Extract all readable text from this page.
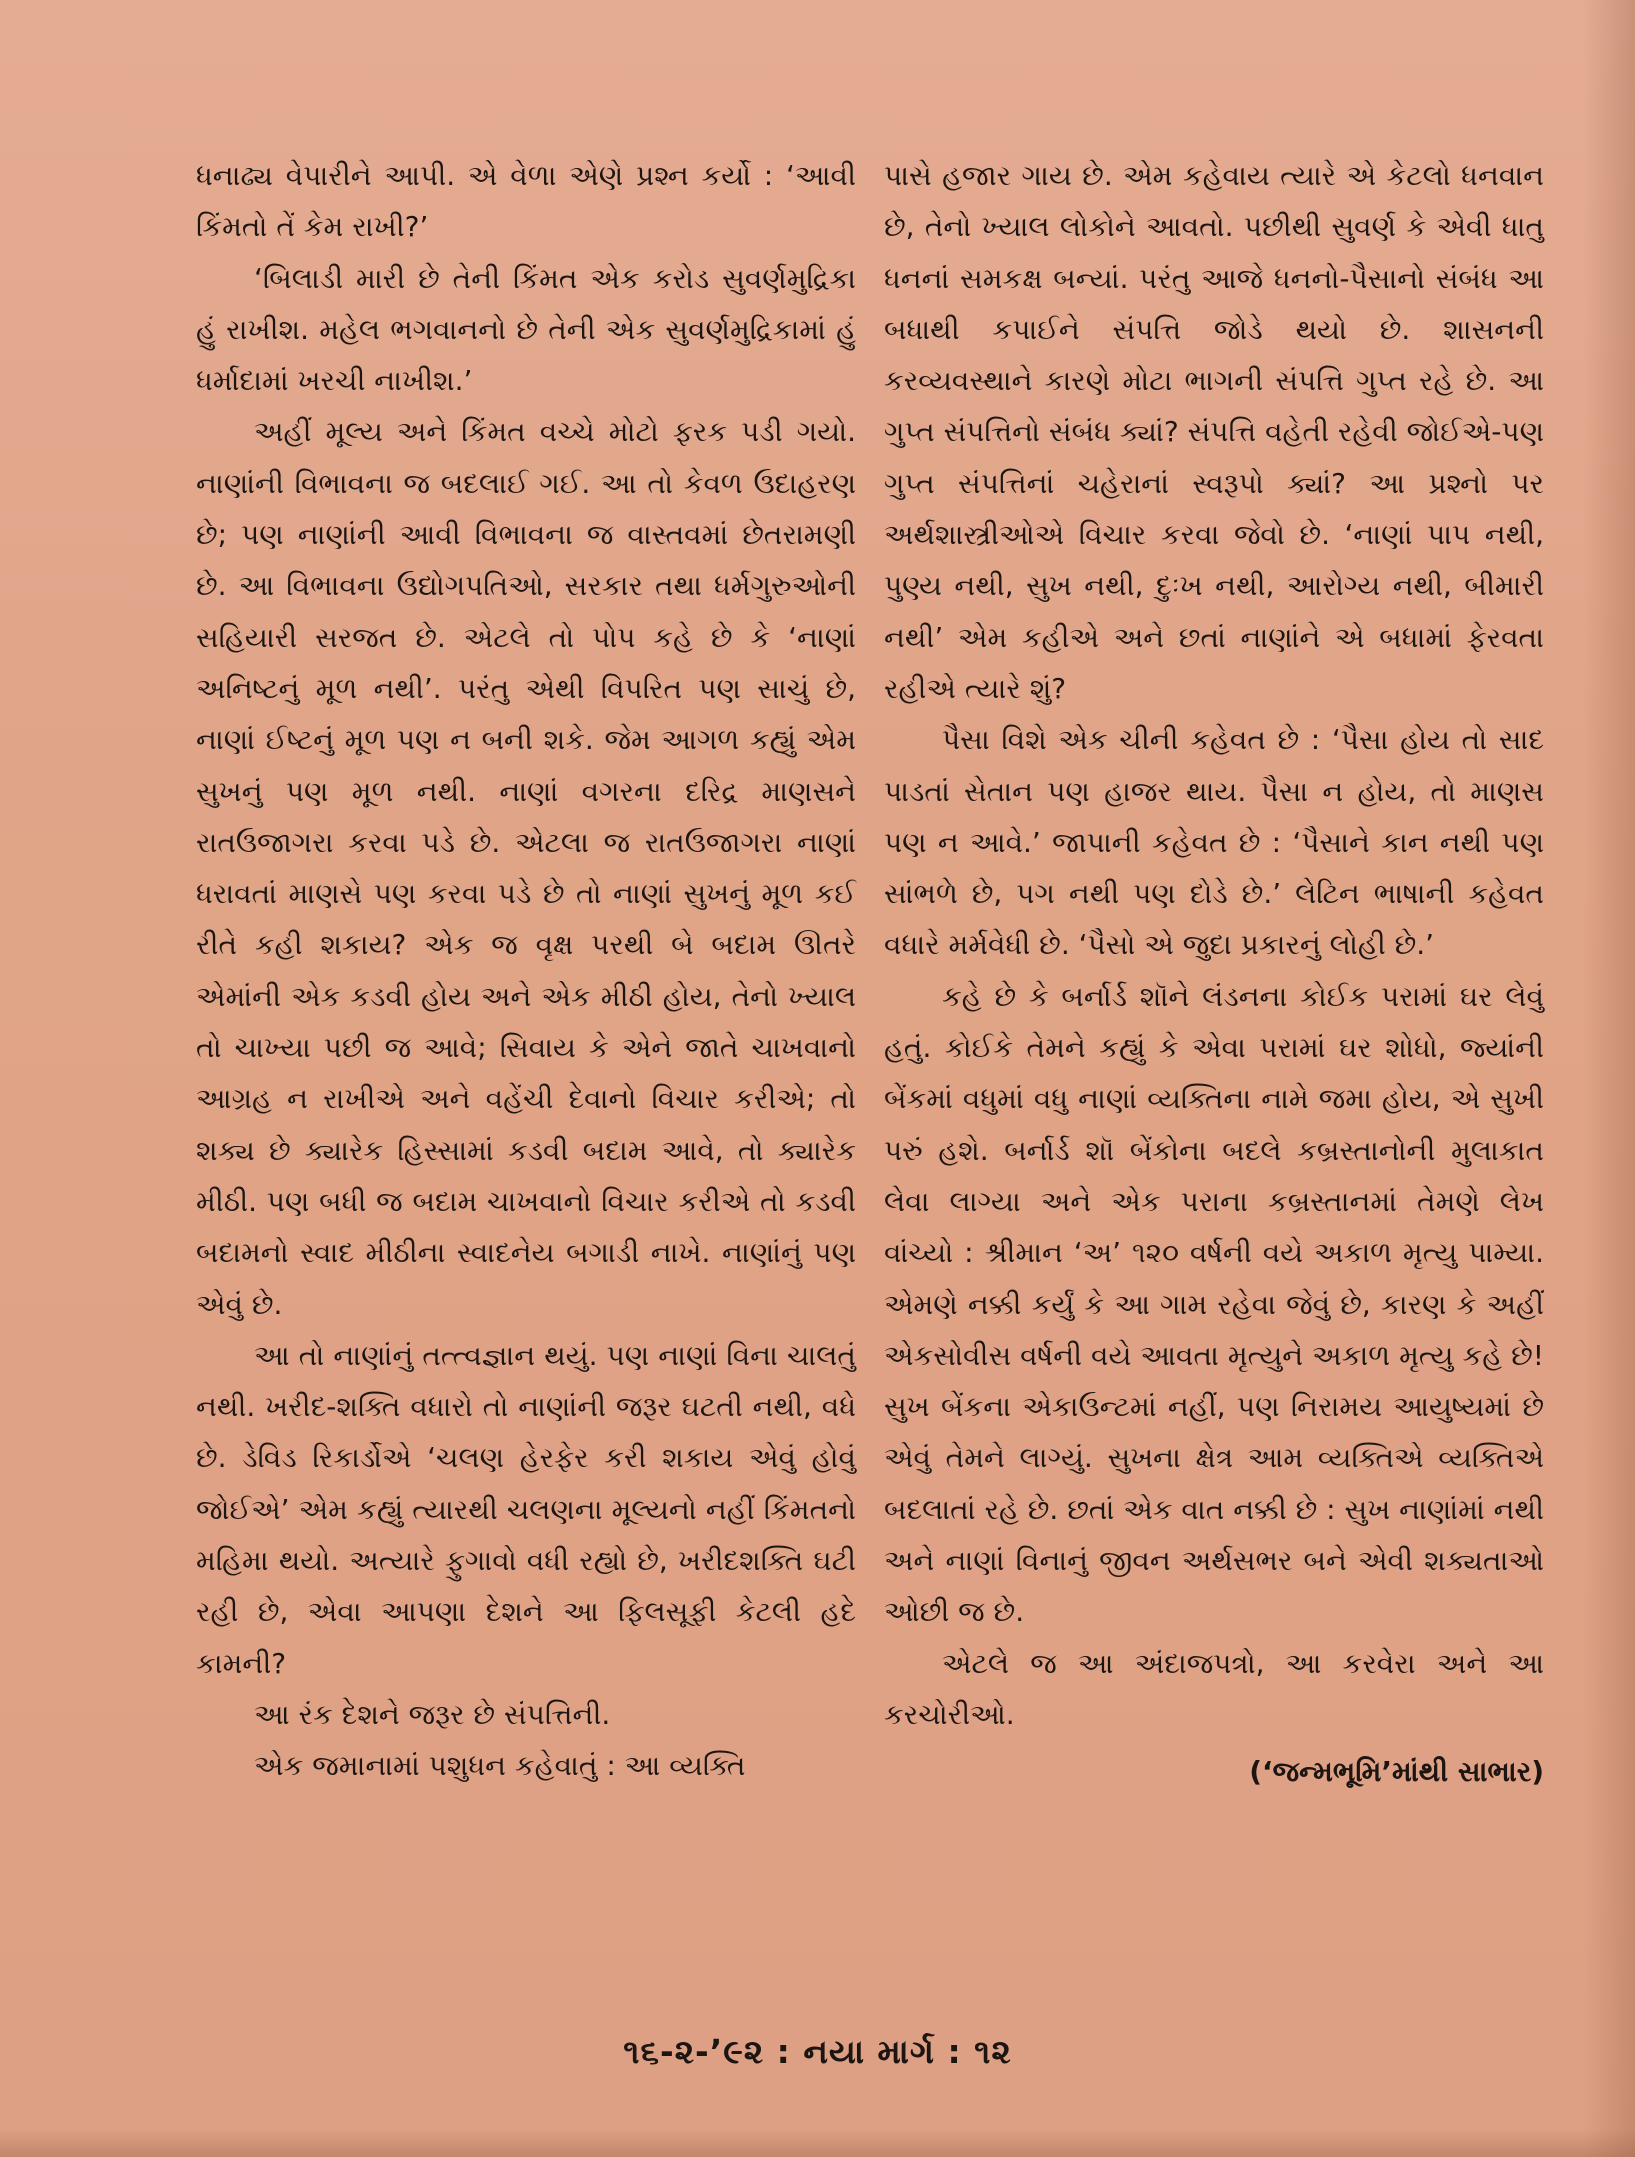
ધનાઢ્ય વેપારીને આપી. એ વેળા એણે પ્રશ્ન કર્યો : ‘આવી કિંમતો તેં કેમ રાખી?’

‘બિલાડી મારી છે તેની કિંમત એક કરોડ સુવર્ણમુદ્રિકા હું રાખીશ. મહેલ ભગવાનનો છે તેની એક સુવર્ણમુદ્રિકામાં હું ધર્માદામાં ખરચી નાખીશ.’

અહીં મૂલ્ય અને કિંમત વચ્ચે મોટો ફરક પડી ગયો. નાણાંની વિભાવના જ બદલાઈ ગઈ. આ તો કેવળ ઉદાહરણ છે; પણ નાણાંની આવી વિભાવના જ વાસ્તવમાં છેતરામણી છે. આ વિભાવના ઉદ્યોગપતિઓ, સરકાર તથા ધર્મગુરુઓની સહિયારી સરજત છે. એટલે તો પોપ કહે છે કે ‘નાણાં અનિષ્ટનું મૂળ નથી’. પરંતુ એથી વિપરિત પણ સાચું છે, નાણાં ઈષ્ટનું મૂળ પણ ન બની શકે. જેમ આગળ કહ્યું એમ સુખનું પણ મૂળ નથી. નાણાં વગરના દરિદ્ર માણસને રાતઉજાગરા કરવા પડે છે. એટલા જ રાતઉજાગરા નાણાં ધરાવતાં માણસે પણ કરવા પડે છે તો નાણાં સુખનું મૂળ કઈ રીતે કહી શકાય? એક જ વૃક્ષ પરથી બે બદામ ઊતરે એમાંની એક કડવી હોય અને એક મીઠી હોય, તેનો ખ્યાલ તો ચાખ્યા પછી જ આવે; સિવાય કે એને જાતે ચાખવાનો આગ્રહ ન રાખીએ અને વહેંચી દેવાનો વિચાર કરીએ; તો શક્ય છે ક્યારેક હિસ્સામાં કડવી બદામ આવે, તો ક્યારેક મીઠી. પણ બધી જ બદામ ચાખવાનો વિચાર કરીએ તો કડવી બદામનો સ્વાદ મીઠીના સ્વાદનેય બગાડી નાખે. નાણાંનું પણ એવું છે.

આ તો નાણાંનું તત્ત્વજ્ઞાન થયું. પણ નાણાં વિના ચાલતું નથી. ખરીદ-શક્તિ વધારો તો નાણાંની જરૂર ઘટતી નથી, વધે છે. ડેવિડ રિકાર્ડોએ ‘ચલણ હેરફેર કરી શકાય એવું હોવું જોઈએ’ એમ કહ્યું ત્યારથી ચલણના મૂલ્યનો નહીં કિંમતનો મહિમા થયો. અત્યારે ફુગાવો વધી રહ્યો છે, ખરીદશક્તિ ઘટી રહી છે, એવા આપણા દેશને આ ફિલસૂફી કેટલી હદે કામની?

આ રંક દેશને જરૂર છે સંપત્તિની.

એક જમાનામાં પશુધન કહેવાતું : આ વ્યક્તિ

પાસે હજાર ગાય છે. એમ કહેવાય ત્યારે એ કેટલો ધનવાન છે, તેનો ખ્યાલ લોકોને આવતો. પછીથી સુવર્ણ કે એવી ધાતુ ધનનાં સમકક્ષ બન્યાં. પરંતુ આજે ધનનો-પૈસાનો સંબંધ આ બધાથી કપાઈને સંપત્તિ જોડે થયો છે. શાસનની કરવ્યવસ્થાને કારણે મોટા ભાગની સંપત્તિ ગુપ્ત રહે છે. આ ગુપ્ત સંપત્તિનો સંબંધ ક્યાં? સંપત્તિ વહેતી રહેવી જોઈએ-પણ ગુપ્ત સંપત્તિનાં ચહેરાનાં સ્વરૂપો ક્યાં? આ પ્રશ્નો પર અર્થશાસ્ત્રીઓએ વિચાર કરવા જેવો છે. ‘નાણાં પાપ નથી, પુણ્ય નથી, સુખ નથી, દુઃખ નથી, આરોગ્ય નથી, બીમારી નથી’ એમ કહીએ અને છતાં નાણાંને એ બધામાં ફેરવતા રહીએ ત્યારે શું?

પૈસા વિશે એક ચીની કહેવત છે : ‘પૈસા હોય તો સાદ પાડતાં સેતાન પણ હાજર થાય. પૈસા ન હોય, તો માણસ પણ ન આવે.’ જાપાની કહેવત છે : ‘પૈસાને કાન નથી પણ સાંભળે છે, પગ નથી પણ દોડે છે.’ લેટિન ભાષાની કહેવત વધારે મર્મવેધી છે. ‘પૈસો એ જુદા પ્રકારનું લોહી છે.’

કહે છે કે બર્નાર્ડ શૉને લંડનના કોઈક પરામાં ઘર લેવું હતું. કોઈકે તેમને કહ્યું કે એવા પરામાં ઘર શોધો, જ્યાંની બેંકમાં વધુમાં વધુ નાણાં વ્યક્તિના નામે જમા હોય, એ સુખી પરું હશે. બર્નાર્ડ શૉ બેંકોના બદલે કબ્રસ્તાનોની મુલાકાત લેવા લાગ્યા અને એક પરાના કબ્રસ્તાનમાં તેમણે લેખ વાંચ્યો : શ્રીમાન ‘અ’ ૧૨૦ વર્ષની વયે અકાળ મૃત્યુ પામ્યા. એમણે નક્કી કર્યું કે આ ગામ રહેવા જેવું છે, કારણ કે અહીં એકસોવીસ વર્ષની વયે આવતા મૃત્યુને અકાળ મૃત્યુ કહે છે! સુખ બેંકના એકાઉન્ટમાં નહીં, પણ નિરામય આયુષ્યમાં છે એવું તેમને લાગ્યું. સુખના ક્ષેત્ર આમ વ્યક્તિએ વ્યક્તિએ બદલાતાં રહે છે. છતાં એક વાત નક્કી છે : સુખ નાણાંમાં નથી અને નાણાં વિનાનું જીવન અર્થસભર બને એવી શક્યતાઓ ઓછી જ છે.

એટલે જ આ અંદાજપત્રો, આ કરવેરા અને આ કરચોરીઓ.

(‘જન્મભૂમિ’માંથી સાભાર)

૧૬-૨-’૯૨ : નયા માર્ગ : ૧૨
